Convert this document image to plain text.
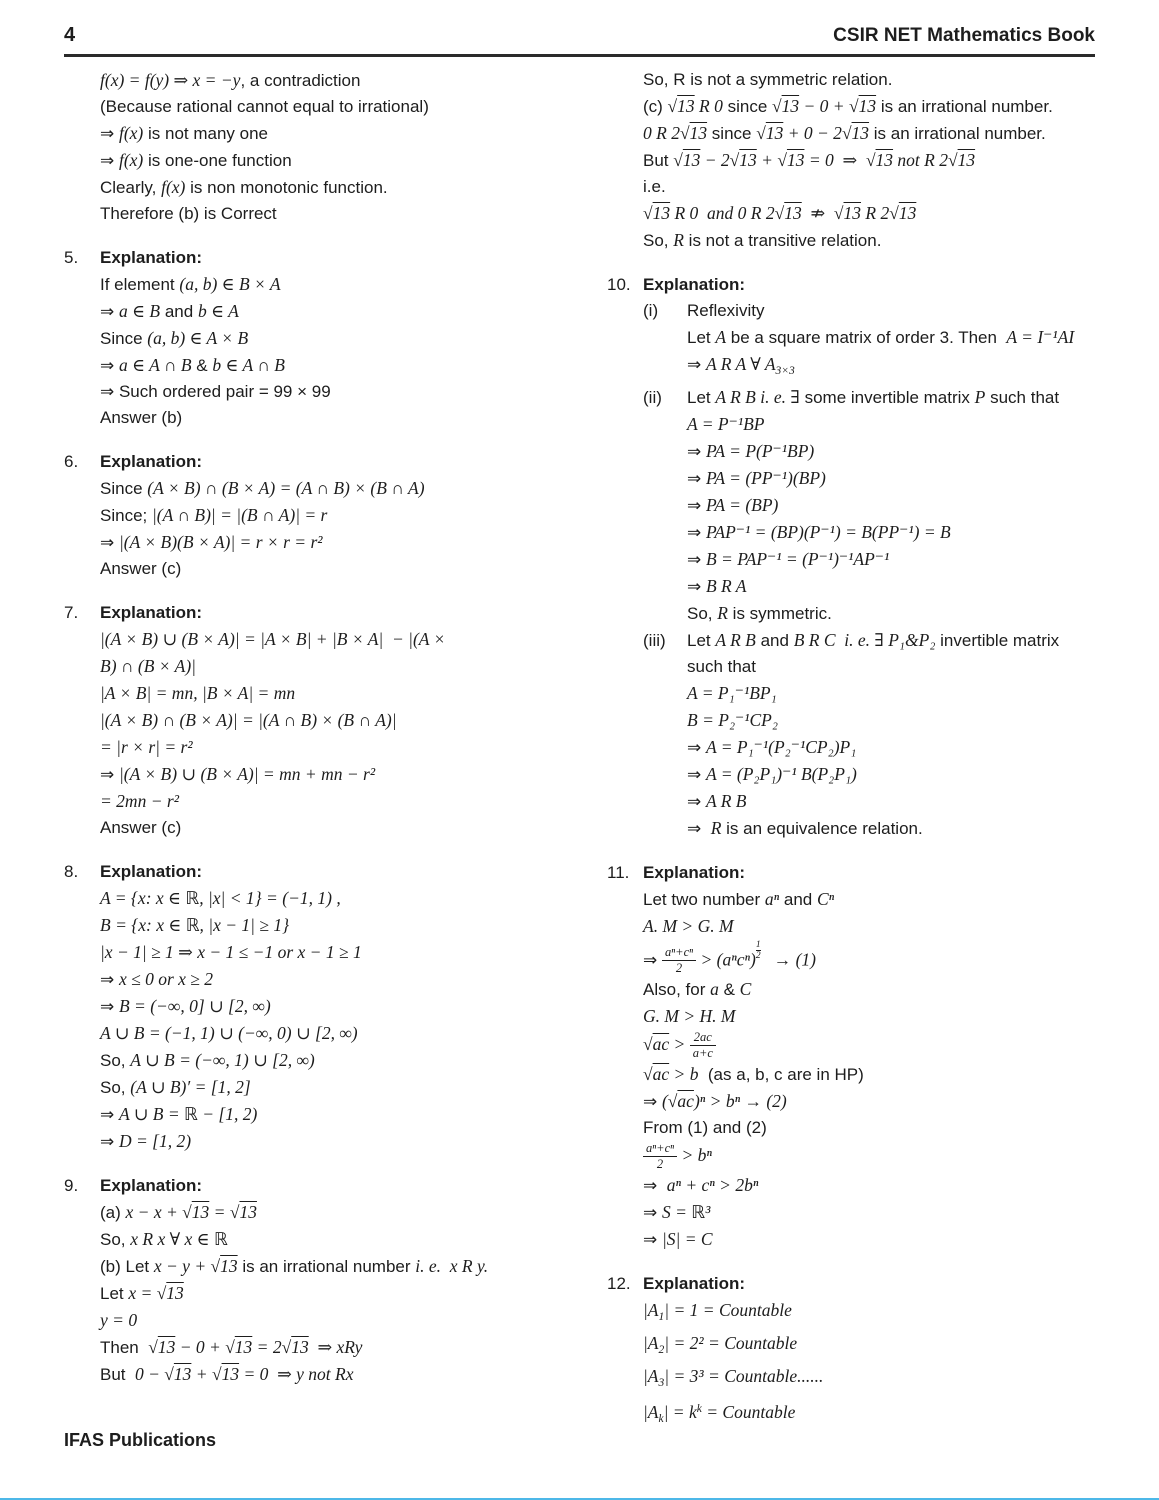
4	CSIR NET Mathematics Book
f(x) = f(y) ⇒ x = −y, a contradiction
(Because rational cannot equal to irrational)
⇒ f(x) is not many one
⇒ f(x) is one-one function
Clearly, f(x) is non monotonic function.
Therefore (b) is Correct
5.	Explanation:
If element (a, b) ∈ B × A
⇒ a ∈ B and b ∈ A
Since (a, b) ∈ A × B
⇒ a ∈ A ∩ B & b ∈ A ∩ B
⇒ Such ordered pair = 99 × 99
Answer (b)
6.	Explanation:
Since (A × B) ∩ (B × A) = (A ∩ B) × (B ∩ A)
Since; |(A ∩ B)| = |(B ∩ A)| = r
⇒ |(A × B)(B × A)| = r × r = r²
Answer (c)
7.	Explanation:
|(A × B) ∪ (B × A)| = |A × B| + |B × A|  − |(A ×
B) ∩ (B × A)|
|A × B| = mn, |B × A| = mn
|(A × B) ∩ (B × A)| = |(A ∩ B) × (B ∩ A)|
= |r × r| = r²
⇒ |(A × B) ∪ (B × A)| = mn + mn − r²
= 2mn − r²
Answer (c)
8.	Explanation:
A = {x: x ∈ ℝ, |x| < 1} = (−1, 1) ,
B = {x: x ∈ ℝ, |x − 1| ≥ 1}
|x − 1| ≥ 1 ⇒ x − 1 ≤ −1 or x − 1 ≥ 1
⇒ x ≤ 0 or x ≥ 2
⇒ B = (−∞, 0] ∪ [2, ∞)
A ∪ B = (−1, 1) ∪ (−∞, 0) ∪ [2, ∞)
So, A ∪ B = (−∞, 1) ∪ [2, ∞)
So, (A ∪ B)′ = [1, 2]
⇒ A ∪ B = ℝ − [1, 2)
⇒ D = [1, 2)
9.	Explanation:
(a) x − x + √13 = √13
So, x R x ∀ x ∈ ℝ
(b) Let x − y + √13 is an irrational number i. e.  x R y.
Let x = √13
y = 0
Then  √13 − 0 + √13 = 2√13  ⇒ xRy
But  0 − √13 + √13 = 0  ⇒ y not Rx
So, R is not a symmetric relation.
(c) √13 R 0 since √13 − 0 + √13 is an irrational number.
0 R 2√13 since √13 + 0 − 2√13 is an irrational number.
But √13 − 2√13 + √13 = 0  ⇒  √13 not R 2√13
i.e.
√13 R 0  and 0 R 2√13  ⇏  √13 R 2√13
So, R is not a transitive relation.
10. Explanation:
(i) Reflexivity
Let A be a square matrix of order 3. Then  A = I⁻¹AI
⇒ A R A ∀ $A_{3\times 3}$
(ii) Let A R B i. e. ∃ some invertible matrix P such that
A = P⁻¹BP
⇒ PA = P(P⁻¹BP)
⇒ PA = (PP⁻¹)(BP)
⇒ PA = (BP)
⇒ PAP⁻¹ = (BP)(P⁻¹) = B(PP⁻¹) = B
⇒ B = PAP⁻¹ = (P⁻¹)⁻¹AP⁻¹
⇒ B R A
So, R is symmetric.
(iii) Let A R B and B R C  i. e. ∃ P₁&P₂ invertible matrix
such that
A = P₁⁻¹BP₁
B = P₂⁻¹CP₂
⇒ A = P₁⁻¹(P₂⁻¹CP₂)P₁
⇒ A = (P₂P₁)⁻¹ B(P₂P₁)
⇒ A R B
⇒  R is an equivalence relation.
11. Explanation:
Let two number aⁿ and Cⁿ
A. M > G. M
⇒ $\frac{\text{aⁿ+cⁿ}}{2} > (a^nc^n)\frac{1}{2} \to (1)$
Also, for a & C
G. M > H. M
$√ac > \frac{2ac}{a+c}$
√ac > b  (as a, b, c are in HP)
⇒ (√ac)ⁿ > bⁿ → (2)
From (1) and (2)
$\frac{\text{aⁿ+cⁿ}}{2} > b^n$
⇒  aⁿ + cⁿ > 2bⁿ
⇒ S = ℝ³
⇒ |S| = C
12. Explanation:
$|A_1| = 1$ = Countable
$|A_2| = 2^2$ = Countable
$|A_3| = 3^3$ = Countable......
$|A_k| = k^k$ = Countable
IFAS Publications
